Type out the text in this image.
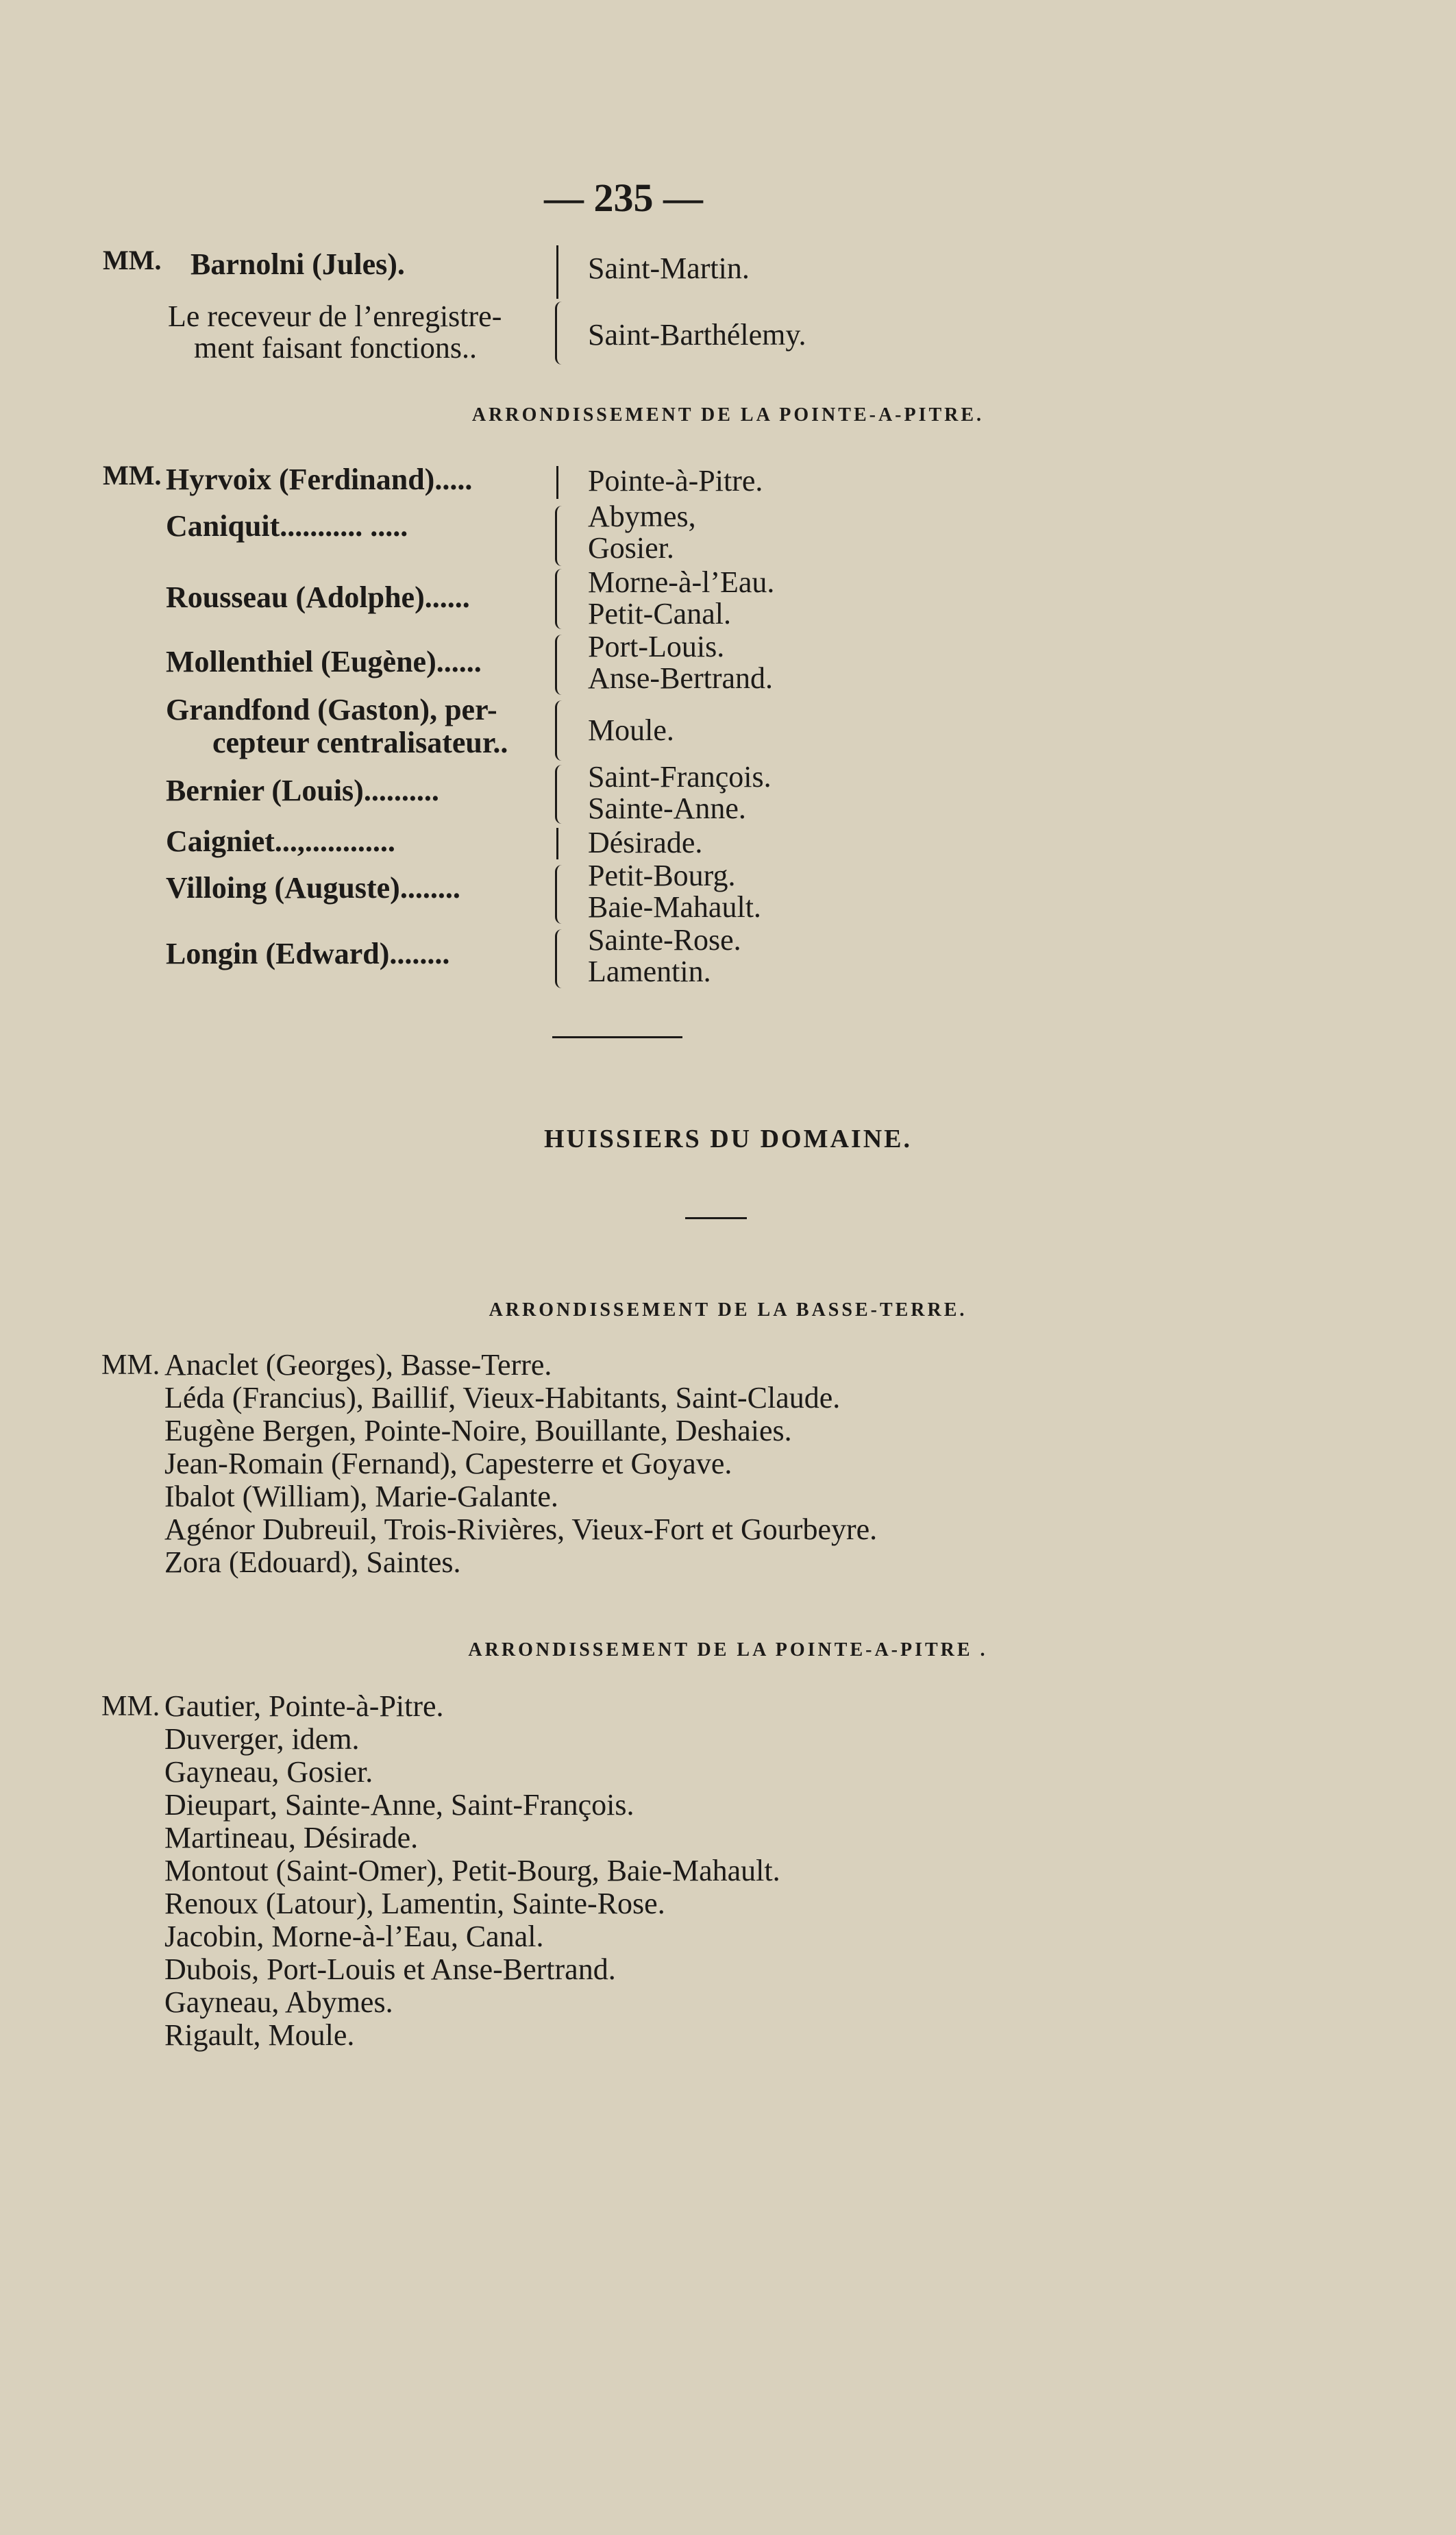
— 235 —
MM. Barnolni (Jules).	Saint-Martin.
Le receveur de l’enregistre-
ment faisant fonctions..	Saint-Barthélemy.
ARRONDISSEMENT DE LA POINTE-A-PITRE.
MM. Hyrvoix (Ferdinand).....	Pointe-à-Pitre.
Caniquit........... .....	Abymes,
Gosier.
Rousseau (Adolphe)......	Morne-à-l’Eau.
Petit-Canal.
Mollenthiel (Eugène)......	Port-Louis.
Anse-Bertrand.
Grandfond (Gaston), per-
cepteur centralisateur..	Moule.
Bernier (Louis)..........	Saint-François.
Sainte-Anne.
Caigniet...,............	Désirade.
Villoing (Auguste)........	Petit-Bourg.
Baie-Mahault.
Longin (Edward)........	Sainte-Rose.
Lamentin.
HUISSIERS DU DOMAINE.
ARRONDISSEMENT DE LA BASSE-TERRE.
MM. Anaclet (Georges), Basse-Terre.
Léda (Francius), Baillif, Vieux-Habitants, Saint-Claude.
Eugène Bergen, Pointe-Noire, Bouillante, Deshaies.
Jean-Romain (Fernand), Capesterre et Goyave.
Ibalot (William), Marie-Galante.
Agénor Dubreuil, Trois-Rivières, Vieux-Fort et Gourbeyre.
Zora (Edouard), Saintes.
ARRONDISSEMENT DE LA POINTE-A-PITRE .
MM. Gautier, Pointe-à-Pitre.
Duverger, idem.
Gayneau, Gosier.
Dieupart, Sainte-Anne, Saint-François.
Martineau, Désirade.
Montout (Saint-Omer), Petit-Bourg, Baie-Mahault.
Renoux (Latour), Lamentin, Sainte-Rose.
Jacobin, Morne-à-l’Eau, Canal.
Dubois, Port-Louis et Anse-Bertrand.
Gayneau, Abymes.
Rigault, Moule.
